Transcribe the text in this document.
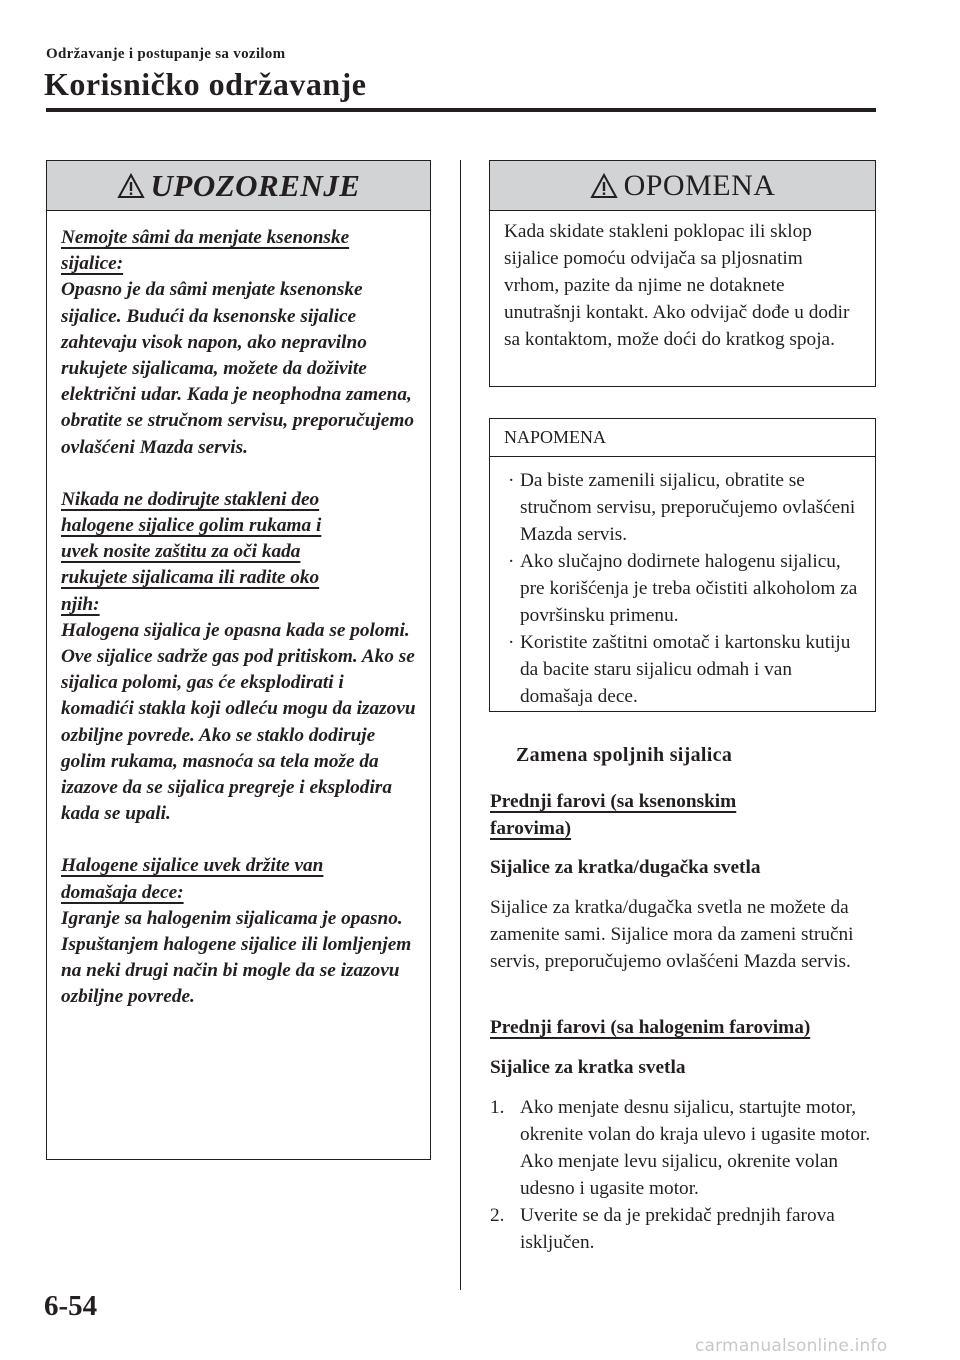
Održavanje i postupanje sa vozilom
Korisničko održavanje
UPOZORENJE

Nemojte sâmi da menjate ksenonske
sijalice:

Opasno je da sâmi menjate ksenonske sijalice. Budući da ksenonske sijalice zahtevaju visok napon, ako nepravilno rukujete sijalicama, možete da doživite električni udar. Kada je neophodna zamena, obratite se stručnom servisu, preporučujemo ovlašćeni Mazda servis.

Nikada ne dodirujte stakleni deo
halogene sijalice golim rukama i
uvek nosite zaštitu za oči kada
rukujete sijalicama ili radite oko
njih:

Halogena sijalica je opasna kada se polomi. Ove sijalice sadrže gas pod pritiskom. Ako se sijalica polomi, gas će eksplodirati i komadići stakla koji odleću mogu da izazovu ozbiljne povrede. Ako se staklo dodiruje golim rukama, masnoća sa tela može da izazove da se sijalica pregreje i eksplodira kada se upali.

Halogene sijalice uvek držite van
domašaja dece:

Igranje sa halogenim sijalicama je opasno. Ispuštanjem halogene sijalice ili lomljenjem na neki drugi način bi mogle da se izazovu ozbiljne povrede.

OPOMENA
Kada skidate stakleni poklopac ili sklop sijalice pomoću odvijača sa pljosnatim vrhom, pazite da njime ne dotaknete unutrašnji kontakt. Ako odvijač dođe u dodir sa kontaktom, može doći do kratkog spoja.
NAPOMENA
· Da biste zamenili sijalicu, obratite se stručnom servisu, preporučujemo ovlašćeni Mazda servis.
· Ako slučajno dodirnete halogenu sijalicu, pre korišćenja je treba očistiti alkoholom za površinsku primenu.
· Koristite zaštitni omotač i kartonsku kutiju da bacite staru sijalicu odmah i van domašaja dece.
Zamena spoljnih sijalica
Prednji farovi (sa ksenonskim
farovima)
Sijalice za kratka/dugačka svetla
Sijalice za kratka/dugačka svetla ne možete da zamenite sami. Sijalice mora da zameni stručni servis, preporučujemo ovlašćeni Mazda servis.
Prednji farovi (sa halogenim farovima)
Sijalice za kratka svetla
1. Ako menjate desnu sijalicu, startujte motor, okrenite volan do kraja ulevo i ugasite motor. Ako menjate levu sijalicu, okrenite volan udesno i ugasite motor.
2. Uverite se da je prekidač prednjih farova isključen.
6-54
carmanualsonline.info
